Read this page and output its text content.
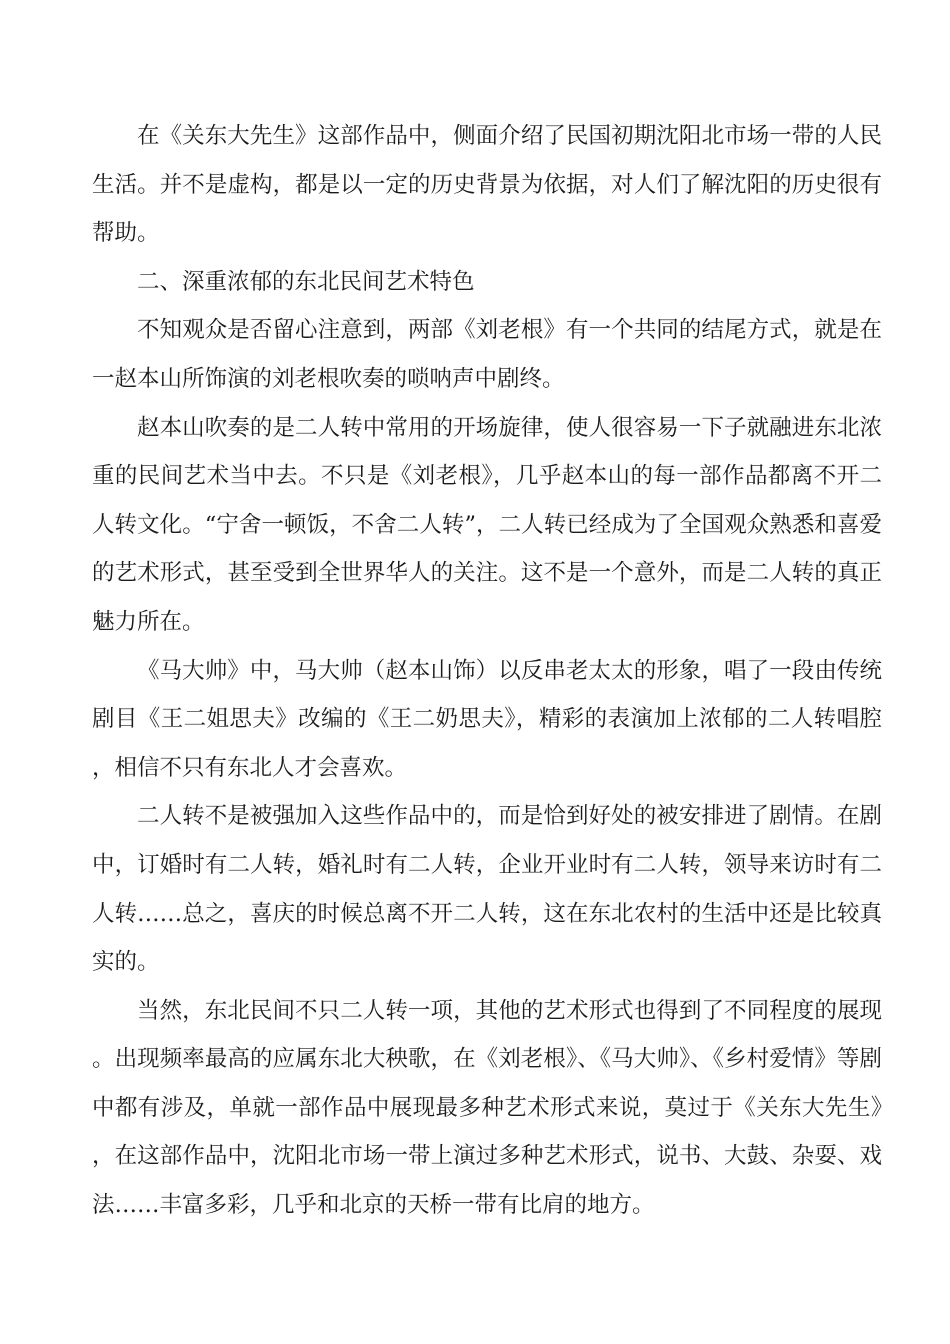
在《关东大先生》这部作品中，侧面介绍了民国初期沈阳北市场一带的人民生活。并不是虚构，都是以一定的历史背景为依据，对人们了解沈阳的历史很有帮助。

二、深重浓郁的东北民间艺术特色

不知观众是否留心注意到，两部《刘老根》有一个共同的结尾方式，就是在一赵本山所饰演的刘老根吹奏的唢呐声中剧终。

赵本山吹奏的是二人转中常用的开场旋律，使人很容易一下子就融进东北浓重的民间艺术当中去。不只是《刘老根》，几乎赵本山的每一部作品都离不开二人转文化。“宁舍一顿饭，不舍二人转”，二人转已经成为了全国观众熟悉和喜爱的艺术形式，甚至受到全世界华人的关注。这不是一个意外，而是二人转的真正魅力所在。

《马大帅》中，马大帅（赵本山饰）以反串老太太的形象，唱了一段由传统剧目《王二姐思夫》改编的《王二奶思夫》，精彩的表演加上浓郁的二人转唱腔，相信不只有东北人才会喜欢。

二人转不是被强加入这些作品中的，而是恰到好处的被安排进了剧情。在剧中，订婚时有二人转，婚礼时有二人转，企业开业时有二人转，领导来访时有二人转……总之，喜庆的时候总离不开二人转，这在东北农村的生活中还是比较真实的。

当然，东北民间不只二人转一项，其他的艺术形式也得到了不同程度的展现。出现频率最高的应属东北大秧歌，在《刘老根》、《马大帅》、《乡村爱情》等剧中都有涉及，单就一部作品中展现最多种艺术形式来说，莫过于《关东大先生》，在这部作品中，沈阳北市场一带上演过多种艺术形式，说书、大鼓、杂耍、戏法……丰富多彩，几乎和北京的天桥一带有比肩的地方。
